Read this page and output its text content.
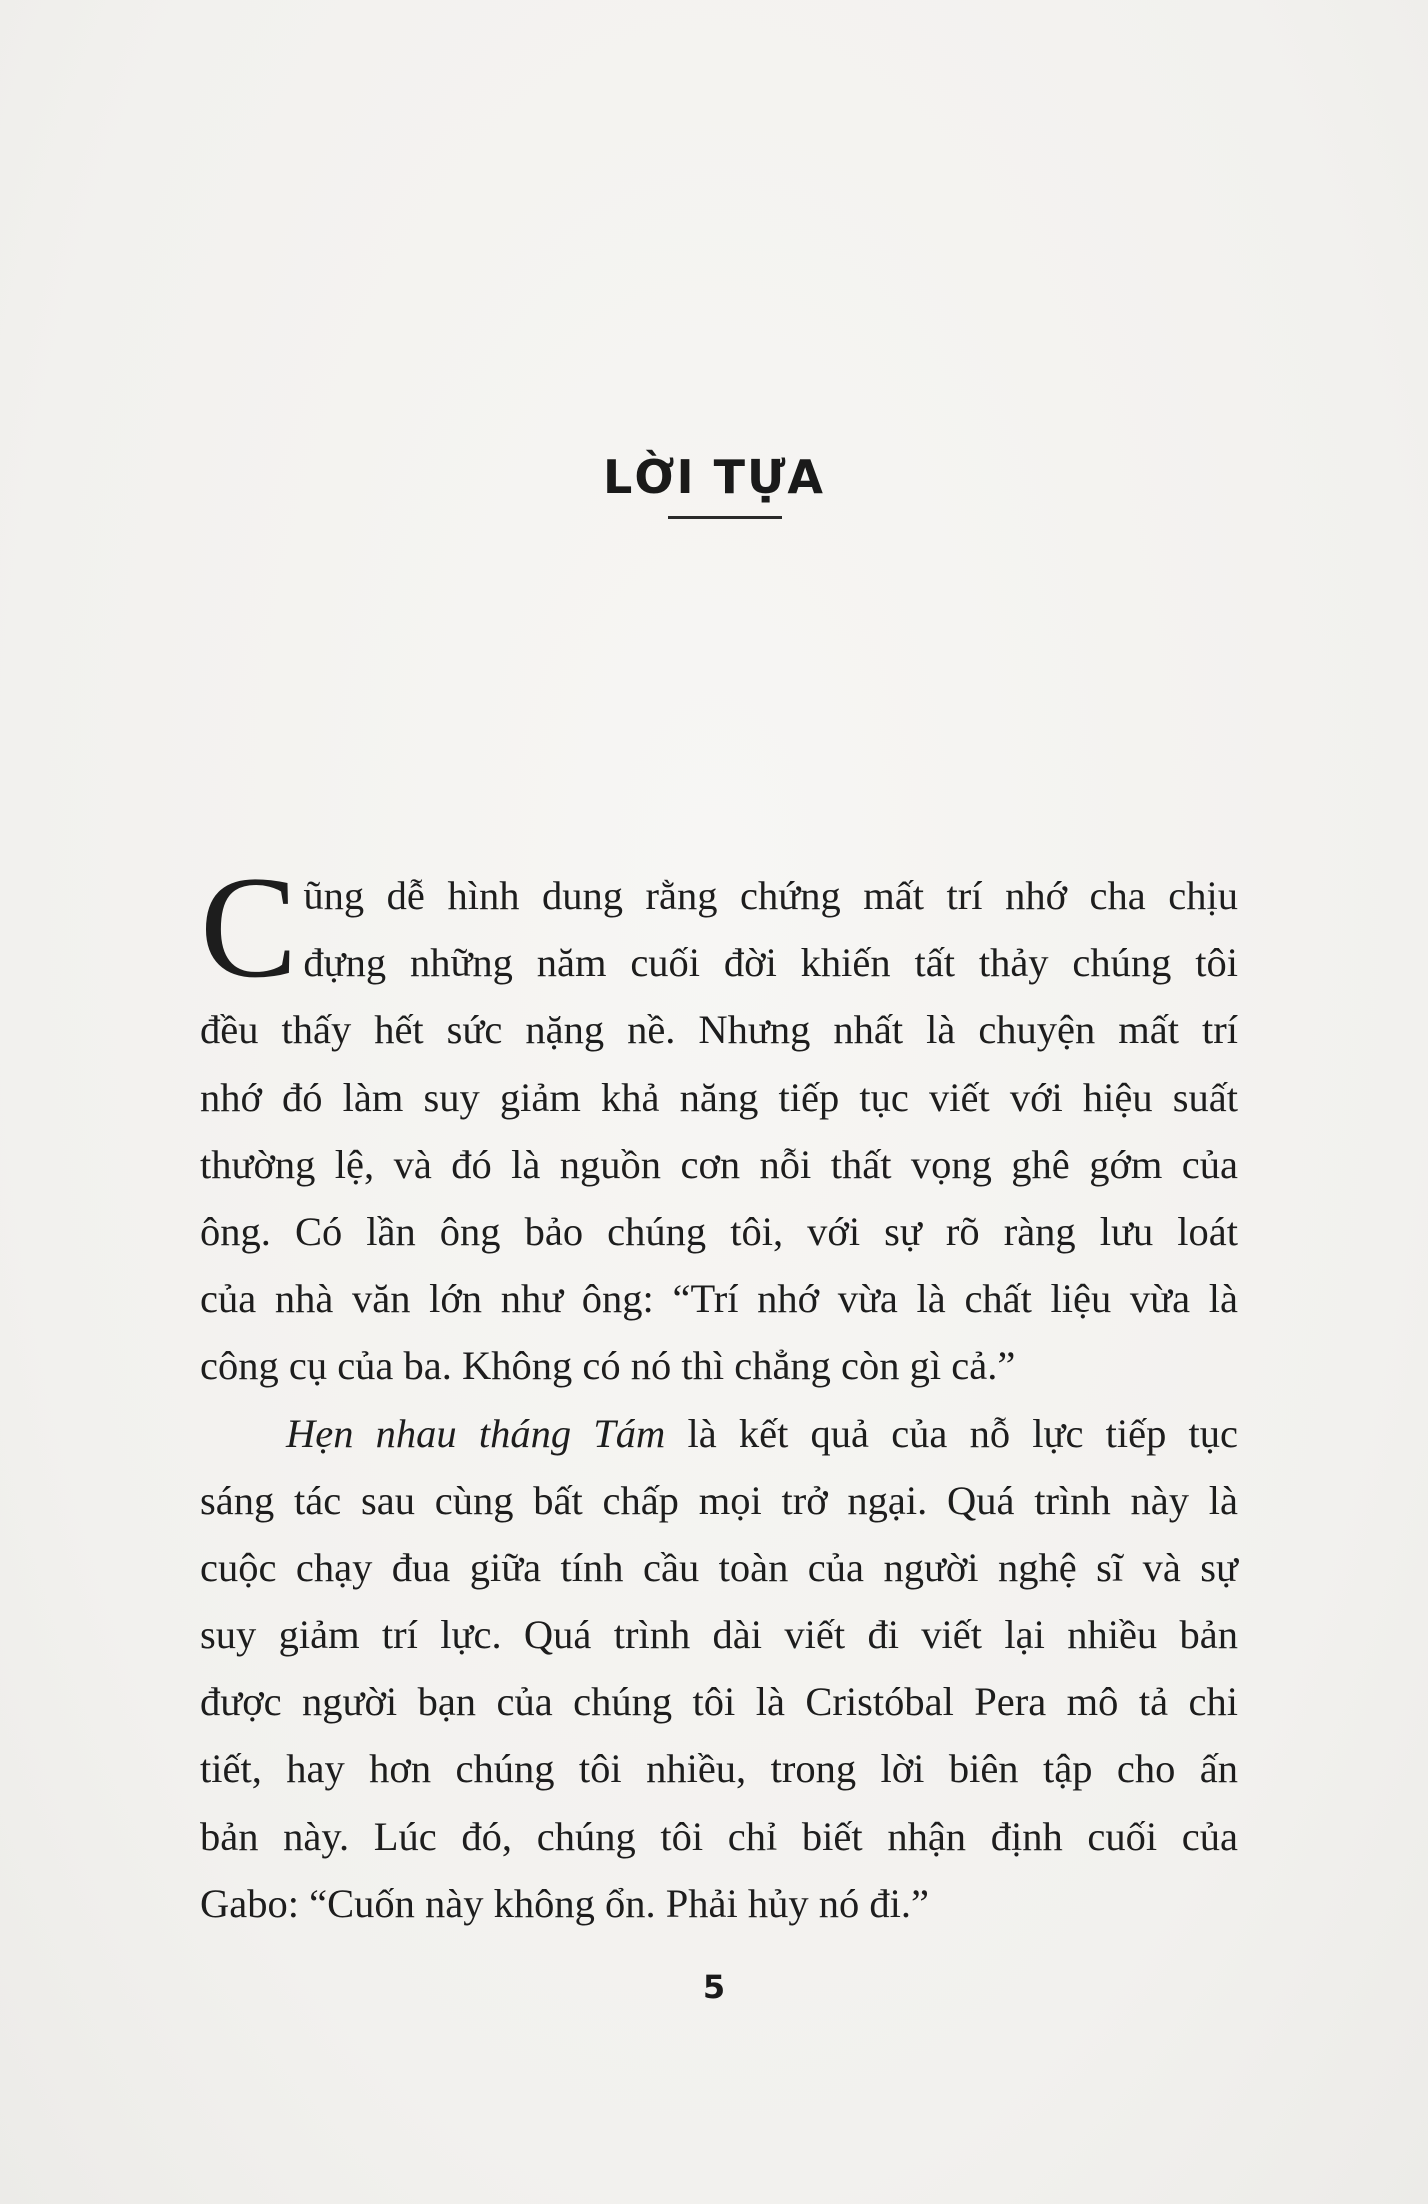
LỜI TỰA
C ũng dễ hình dung rằng chứng mất trí nhớ cha chịu
đựng những năm cuối đời khiến tất thảy chúng tôi
đều thấy hết sức nặng nề. Nhưng nhất là chuyện mất trí
nhớ đó làm suy giảm khả năng tiếp tục viết với hiệu suất
thường lệ, và đó là nguồn cơn nỗi thất vọng ghê gớm của
ông. Có lần ông bảo chúng tôi, với sự rõ ràng lưu loát
của nhà văn lớn như ông: “Trí nhớ vừa là chất liệu vừa là
công cụ của ba. Không có nó thì chẳng còn gì cả.”
Hẹn nhau tháng Tám là kết quả của nỗ lực tiếp tục
sáng tác sau cùng bất chấp mọi trở ngại. Quá trình này là
cuộc chạy đua giữa tính cầu toàn của người nghệ sĩ và sự
suy giảm trí lực. Quá trình dài viết đi viết lại nhiều bản
được người bạn của chúng tôi là Cristóbal Pera mô tả chi
tiết, hay hơn chúng tôi nhiều, trong lời biên tập cho ấn
bản này. Lúc đó, chúng tôi chỉ biết nhận định cuối của
Gabo: “Cuốn này không ổn. Phải hủy nó đi.”
5
